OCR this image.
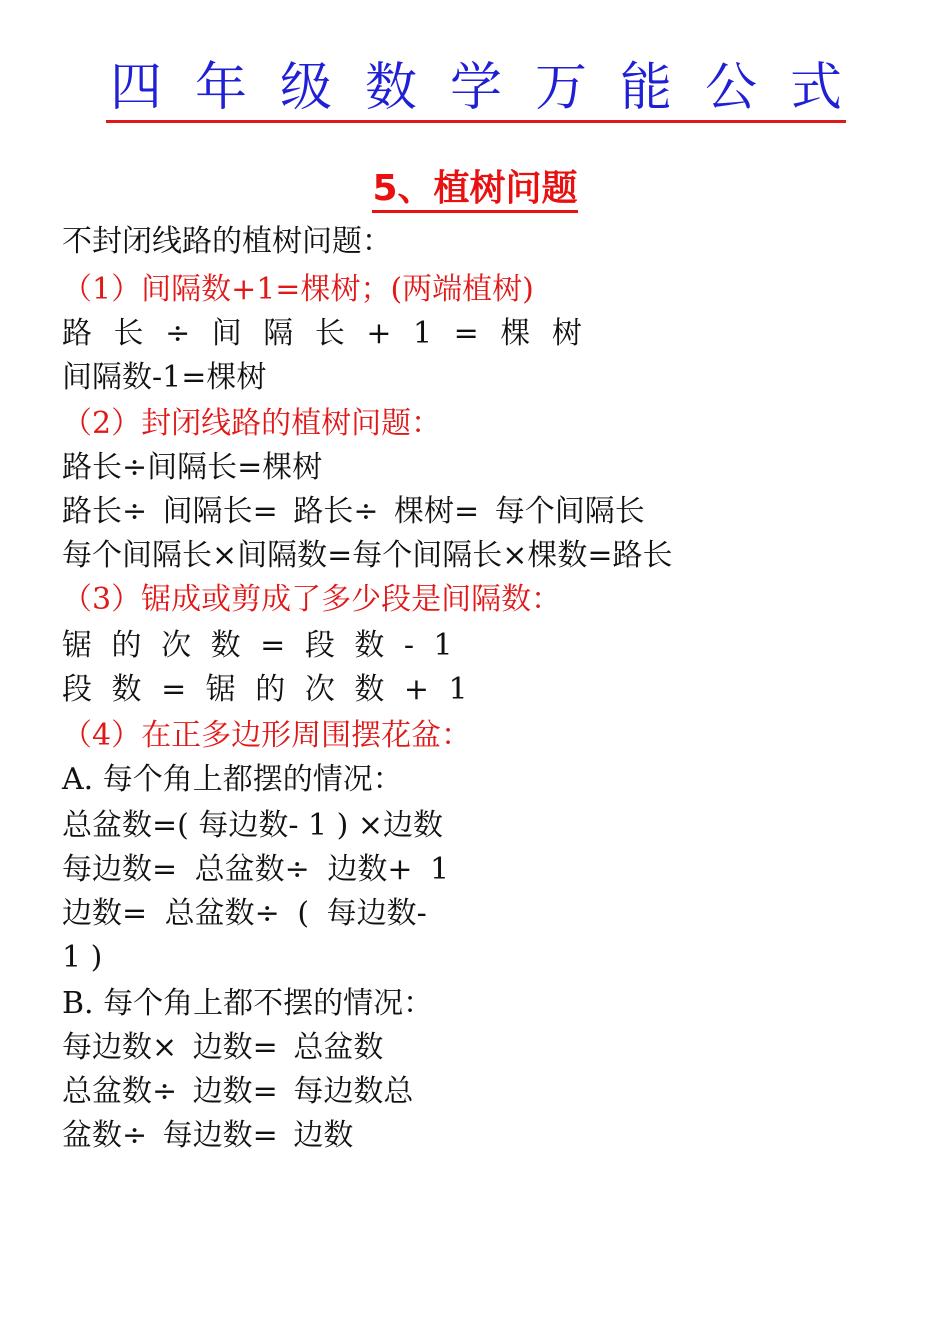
四 年 级 数 学 万 能 公 式
5、植树问题
不封闭线路的植树问题：
（1）间隔数+1=棵树；(两端植树)
路 长 ÷ 间 隔 长 + 1 = 棵 树
间隔数-1=棵树
（2）封闭线路的植树问题：
路长÷间隔长=棵树
路长÷ 间隔长= 路长÷ 棵树= 每个间隔长
每个间隔长×间隔数=每个间隔长×棵数=路长
（3）锯成或剪成了多少段是间隔数：
锯 的 次 数 = 段 数 - 1
段 数 = 锯 的 次 数 + 1
（4）在正多边形周围摆花盆：
A. 每个角上都摆的情况：
总盆数=( 每边数- 1 ) ×边数
每边数= 总盆数÷ 边数+ 1
边数= 总盆数÷ ( 每边数-
1 )
B. 每个角上都不摆的情况：
每边数× 边数= 总盆数
总盆数÷ 边数= 每边数总
盆数÷ 每边数= 边数
